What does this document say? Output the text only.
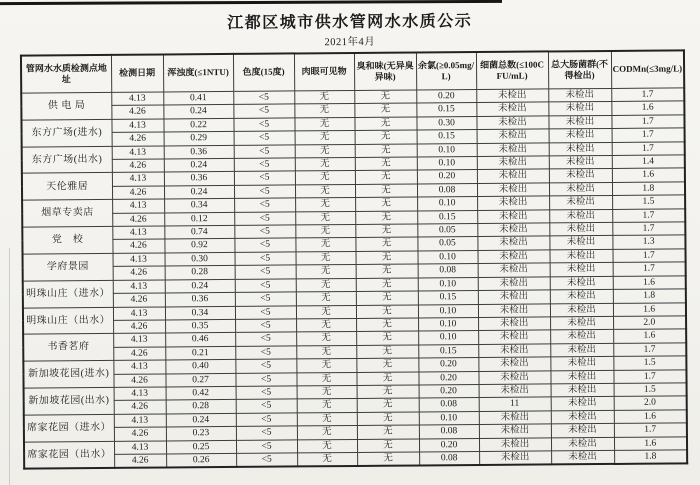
江都区城市供水管网水水质公示
2021年4月
管网水水质检测点地址	检测日期	浑浊度(≤1NTU)	色度(15度)	肉眼可见物	臭和味(无异臭异味)	余氯(≥0.05mg/L)	细菌总数(≤100CFU/mL)	总大肠菌群(不得检出)	CODMn(≤3mg/L)
供 电 局	4.13	0.41	<5	无	无	0.20	未检出	未检出	1.7
	4.26	0.24	<5	无	无	0.15	未检出	未检出	1.6
东方广场(进水)	4.13	0.22	<5	无	无	0.30	未检出	未检出	1.7
	4.26	0.29	<5	无	无	0.15	未检出	未检出	1.7
东方广场(出水)	4.13	0.36	<5	无	无	0.10	未检出	未检出	1.7
	4.26	0.24	<5	无	无	0.10	未检出	未检出	1.4
天伦雅居	4.13	0.36	<5	无	无	0.20	未检出	未检出	1.6
	4.26	0.24	<5	无	无	0.08	未检出	未检出	1.8
烟草专卖店	4.13	0.34	<5	无	无	0.10	未检出	未检出	1.5
	4.26	0.12	<5	无	无	0.15	未检出	未检出	1.7
党　校	4.13	0.74	<5	无	无	0.05	未检出	未检出	1.7
	4.26	0.92	<5	无	无	0.05	未检出	未检出	1.3
学府景园	4.13	0.30	<5	无	无	0.10	未检出	未检出	1.7
	4.26	0.28	<5	无	无	0.08	未检出	未检出	1.7
明珠山庄（进水）	4.13	0.24	<5	无	无	0.10	未检出	未检出	1.6
	4.26	0.36	<5	无	无	0.15	未检出	未检出	1.8
明珠山庄（出水）	4.13	0.34	<5	无	无	0.10	未检出	未检出	1.6
	4.26	0.35	<5	无	无	0.10	未检出	未检出	2.0
书香茗府	4.13	0.46	<5	无	无	0.10	未检出	未检出	1.6
	4.26	0.21	<5	无	无	0.15	未检出	未检出	1.7
新加坡花园(进水)	4.13	0.40	<5	无	无	0.20	未检出	未检出	1.5
	4.26	0.27	<5	无	无	0.20	未检出	未检出	1.7
新加坡花园(出水)	4.13	0.42	<5	无	无	0.20	未检出	未检出	1.5
	4.26	0.28	<5	无	无	0.08	11	未检出	2.0
席家花园（进水）	4.13	0.24	<5	无	无	0.10	未检出	未检出	1.6
	4.26	0.23	<5	无	无	0.08	未检出	未检出	1.7
席家花园（出水）	4.13	0.25	<5	无	无	0.20	未检出	未检出	1.6
	4.26	0.26	<5	无	无	0.08	未检出	未检出	1.8
